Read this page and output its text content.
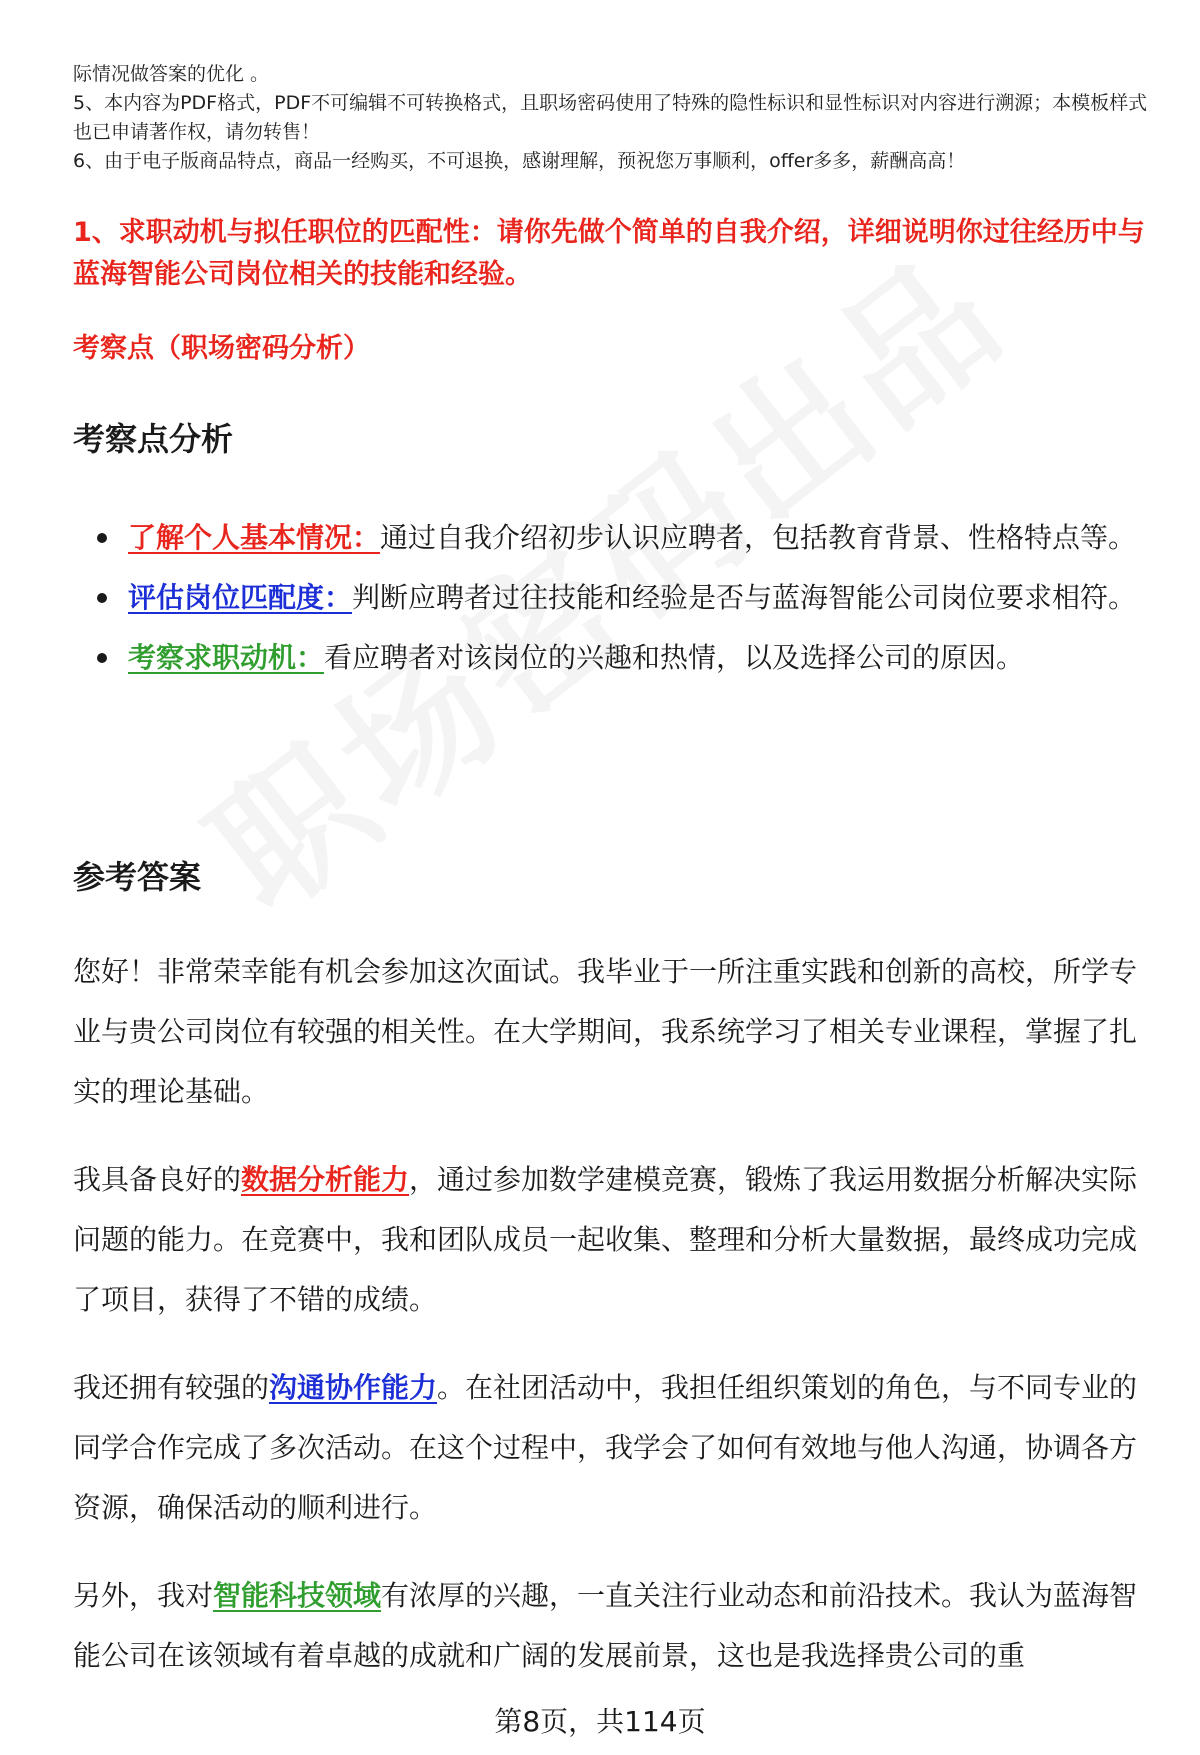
际情况做答案的优化 。

5、本内容为PDF格式，PDF不可编辑不可转换格式，且职场密码使用了特殊的隐性标识和显性标识对内容进行溯源；本模板样式也已申请著作权，请勿转售！

6、由于电子版商品特点，商品一经购买，不可退换，感谢理解，预祝您万事顺利，offer多多，薪酬高高！

1、求职动机与拟任职位的匹配性：请你先做个简单的自我介绍，详细说明你过往经历中与蓝海智能公司岗位相关的技能和经验。
考察点（职场密码分析）
考察点分析
了解个人基本情况：通过自我介绍初步认识应聘者，包括教育背景、性格特点等。
评估岗位匹配度：判断应聘者过往技能和经验是否与蓝海智能公司岗位要求相符。
考察求职动机：看应聘者对该岗位的兴趣和热情，以及选择公司的原因。
参考答案

您好！非常荣幸能有机会参加这次面试。我毕业于一所注重实践和创新的高校，所学专业与贵公司岗位有较强的相关性。在大学期间，我系统学习了相关专业课程，掌握了扎实的理论基础。

我具备良好的数据分析能力，通过参加数学建模竞赛，锻炼了我运用数据分析解决实际问题的能力。在竞赛中，我和团队成员一起收集、整理和分析大量数据，最终成功完成了项目，获得了不错的成绩。

我还拥有较强的沟通协作能力。在社团活动中，我担任组织策划的角色，与不同专业的同学合作完成了多次活动。在这个过程中，我学会了如何有效地与他人沟通，协调各方资源，确保活动的顺利进行。

另外，我对智能科技领域有浓厚的兴趣，一直关注行业动态和前沿技术。我认为蓝海智能公司在该领域有着卓越的成就和广阔的发展前景，这也是我选择贵公司的重

第8页，共114页
